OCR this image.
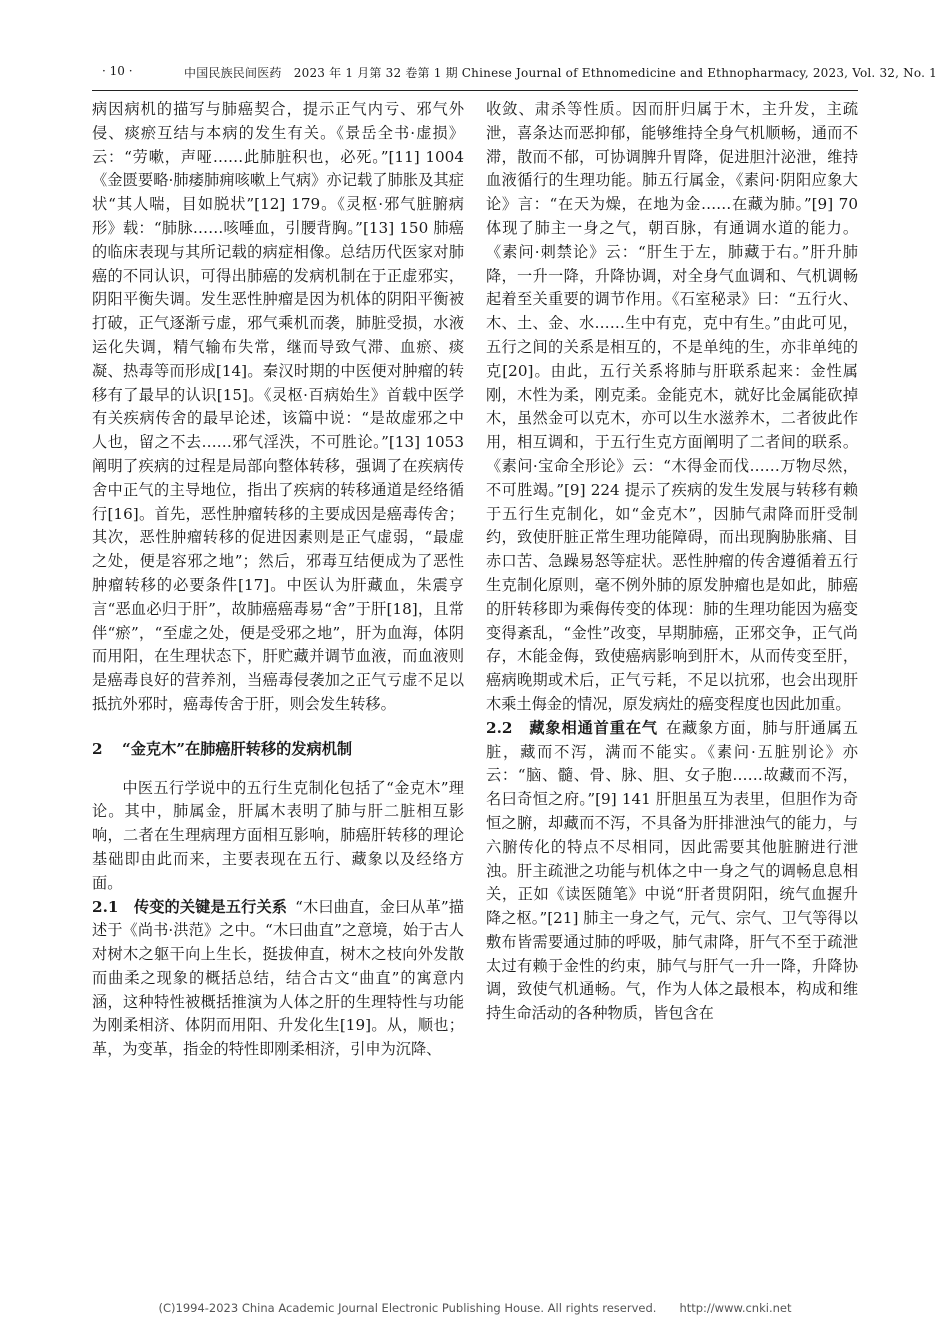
· 10 ·	中国民族民间医药　2023 年 1 月第 32 卷第 1 期 Chinese Journal of Ethnomedicine and Ethnopharmacy, 2023, Vol. 32, No. 1

病因病机的描写与肺癌契合，提示正气内亏、邪气外侵、痰瘀互结与本病的发生有关。《景岳全书·虚损》云：“劳嗽，声哑……此肺脏积也，必死。”[11] 1004 《金匮要略·肺痿肺痈咳嗽上气病》亦记载了肺胀及其症状“其人喘，目如脱状”[12] 179。《灵枢·邪气脏腑病形》载：“肺脉……咳唾血，引腰背胸。”[13] 150 肺癌的临床表现与其所记载的病症相像。总结历代医家对肺癌的不同认识，可得出肺癌的发病机制在于正虚邪实，阴阳平衡失调。发生恶性肿瘤是因为机体的阴阳平衡被打破，正气逐渐亏虚，邪气乘机而袭，肺脏受损，水液运化失调，精气输布失常，继而导致气滞、血瘀、痰凝、热毒等而形成[14]。秦汉时期的中医便对肿瘤的转移有了最早的认识[15]。《灵枢·百病始生》首载中医学有关疾病传舍的最早论述，该篇中说：“是故虚邪之中人也，留之不去……邪气淫泆，不可胜论。”[13] 1053 阐明了疾病的过程是局部向整体转移，强调了在疾病传舍中正气的主导地位，指出了疾病的转移通道是经络循行[16]。首先，恶性肿瘤转移的主要成因是癌毒传舍；其次，恶性肿瘤转移的促进因素则是正气虚弱，“最虚之处，便是容邪之地”；然后，邪毒互结便成为了恶性肿瘤转移的必要条件[17]。中医认为肝藏血，朱震亨言“恶血必归于肝”，故肺癌癌毒易“舍”于肝[18]，且常伴“瘀”，“至虚之处，便是受邪之地”，肝为血海，体阴而用阳，在生理状态下，肝贮藏并调节血液，而血液则是癌毒良好的营养剂，当癌毒侵袭加之正气亏虚不足以抵抗外邪时，癌毒传舍于肝，则会发生转移。

2 “金克木”在肺癌肝转移的发病机制

中医五行学说中的五行生克制化包括了“金克木”理论。其中，肺属金，肝属木表明了肺与肝二脏相互影响，二者在生理病理方面相互影响，肺癌肝转移的理论基础即由此而来，主要表现在五行、藏象以及经络方面。

2.1　传变的关键是五行关系 “木曰曲直，金曰从革”描述于《尚书·洪范》之中。“木曰曲直”之意境，始于古人对树木之躯干向上生长，挺拔伸直，树木之枝向外发散而曲柔之现象的概括总结，结合古文“曲直”的寓意内涵，这种特性被概括推演为人体之肝的生理特性与功能为刚柔相济、体阴而用阳、升发化生[19]。从，顺也；革，为变革，指金的特性即刚柔相济，引申为沉降、

收敛、肃杀等性质。因而肝归属于木，主升发，主疏泄，喜条达而恶抑郁，能够维持全身气机顺畅，通而不滞，散而不郁，可协调脾升胃降，促进胆汁泌泄，维持血液循行的生理功能。肺五行属金，《素问·阴阳应象大论》言：“在天为燥，在地为金……在藏为肺。”[9] 70 体现了肺主一身之气，朝百脉，有通调水道的能力。《素问·刺禁论》云：“肝生于左，肺藏于右。”肝升肺降，一升一降，升降协调，对全身气血调和、气机调畅起着至关重要的调节作用。《石室秘录》曰：“五行火、木、土、金、水……生中有克，克中有生。”由此可见，五行之间的关系是相互的，不是单纯的生，亦非单纯的克[20]。由此，五行关系将肺与肝联系起来：金性属刚，木性为柔，刚克柔。金能克木，就好比金属能砍掉木，虽然金可以克木，亦可以生水滋养木，二者彼此作用，相互调和，于五行生克方面阐明了二者间的联系。《素问·宝命全形论》云：“木得金而伐……万物尽然，不可胜竭。”[9] 224 提示了疾病的发生发展与转移有赖于五行生克制化，如“金克木”，因肺气肃降而肝受制约，致使肝脏正常生理功能障碍，而出现胸胁胀痛、目赤口苦、急躁易怒等症状。恶性肿瘤的传舍遵循着五行生克制化原则，毫不例外肺的原发肿瘤也是如此，肺癌的肝转移即为乘侮传变的体现：肺的生理功能因为癌变变得紊乱，“金性”改变，早期肺癌，正邪交争，正气尚存，木能金侮，致使癌病影响到肝木，从而传变至肝，癌病晚期或术后，正气亏耗，不足以抗邪，也会出现肝木乘土侮金的情况，原发病灶的癌变程度也因此加重。

2.2　藏象相通首重在气 在藏象方面，肺与肝通属五脏，藏而不泻，满而不能实。《素问·五脏别论》亦云：“脑、髓、骨、脉、胆、女子胞……故藏而不泻，名曰奇恒之府。”[9] 141 肝胆虽互为表里，但胆作为奇恒之腑，却藏而不泻，不具备为肝排泄浊气的能力，与六腑传化的特点不尽相同，因此需要其他脏腑进行泄浊。肝主疏泄之功能与机体之中一身之气的调畅息息相关，正如《读医随笔》中说“肝者贯阴阳，统气血握升降之枢。”[21] 肺主一身之气，元气、宗气、卫气等得以敷布皆需要通过肺的呼吸，肺气肃降，肝气不至于疏泄太过有赖于金性的约束，肺气与肝气一升一降，升降协调，致使气机通畅。气，作为人体之最根本，构成和维持生命活动的各种物质，皆包含在

(C)1994-2023 China Academic Journal Electronic Publishing House. All rights reserved.　　http://www.cnki.net
